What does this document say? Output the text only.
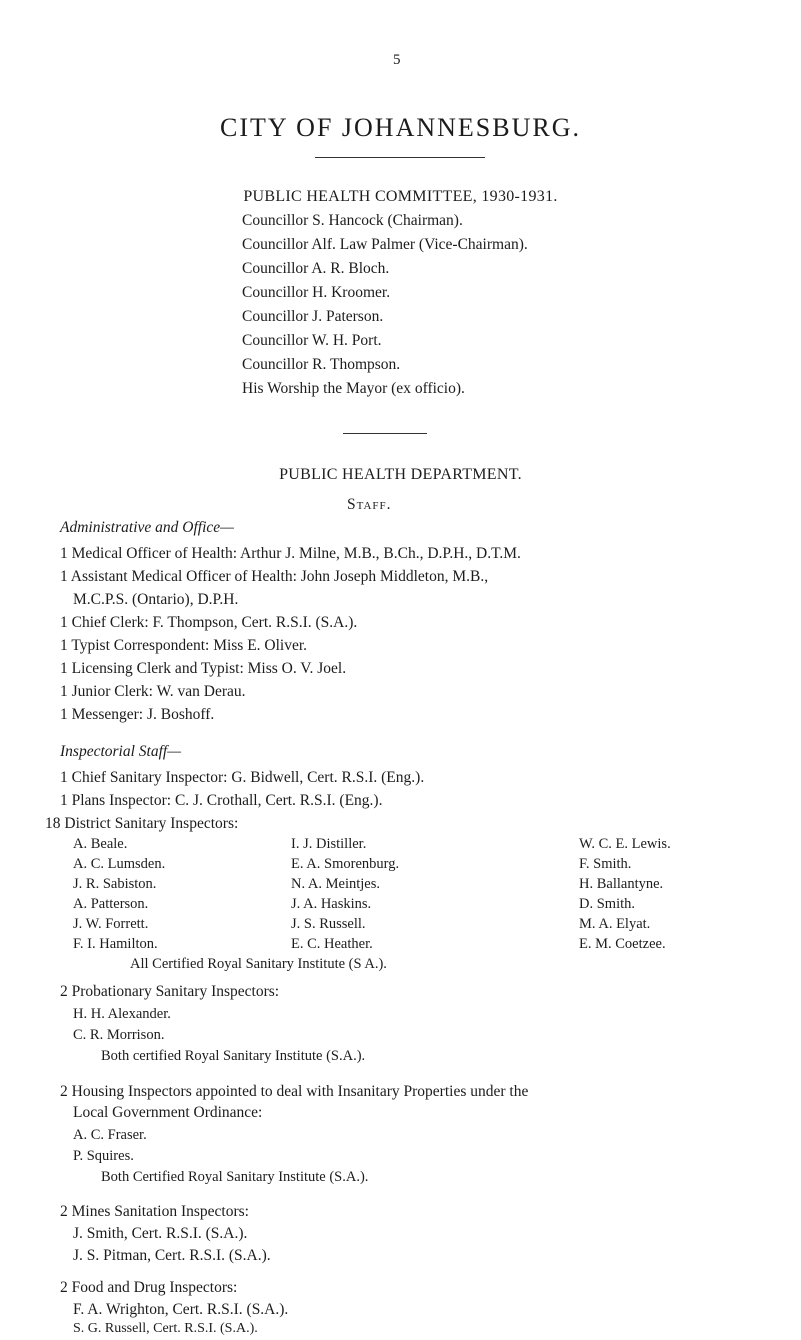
5
CITY OF JOHANNESBURG.
PUBLIC HEALTH COMMITTEE, 1930-1931.
Councillor S. Hancock (Chairman).
Councillor Alf. Law Palmer (Vice-Chairman).
Councillor A. R. Bloch.
Councillor H. Kroomer.
Councillor J. Paterson.
Councillor W. H. Port.
Councillor R. Thompson.
His Worship the Mayor (ex officio).
PUBLIC HEALTH DEPARTMENT.
Staff.
Administrative and Office—
1 Medical Officer of Health: Arthur J. Milne, M.B., B.Ch., D.P.H., D.T.M.
1 Assistant Medical Officer of Health: John Joseph Middleton, M.B.,
M.C.P.S. (Ontario), D.P.H.
1 Chief Clerk: F. Thompson, Cert. R.S.I. (S.A.).
1 Typist Correspondent: Miss E. Oliver.
1 Licensing Clerk and Typist: Miss O. V. Joel.
1 Junior Clerk: W. van Derau.
1 Messenger: J. Boshoff.
Inspectorial Staff—
1 Chief Sanitary Inspector: G. Bidwell, Cert. R.S.I. (Eng.).
1 Plans Inspector: C. J. Crothall, Cert. R.S.I. (Eng.).
18 District Sanitary Inspectors:
A. Beale.
A. C. Lumsden.
J. R. Sabiston.
A. Patterson.
J. W. Forrett.
F. I. Hamilton.
I. J. Distiller.
E. A. Smorenburg.
N. A. Meintjes.
J. A. Haskins.
J. S. Russell.
E. C. Heather.
W. C. E. Lewis.
F. Smith.
H. Ballantyne.
D. Smith.
M. A. Elyat.
E. M. Coetzee.
All Certified Royal Sanitary Institute (S A.).
2 Probationary Sanitary Inspectors:
H. H. Alexander.
C. R. Morrison.
Both certified Royal Sanitary Institute (S.A.).
2 Housing Inspectors appointed to deal with Insanitary Properties under the
Local Government Ordinance:
A. C. Fraser.
P. Squires.
Both Certified Royal Sanitary Institute (S.A.).
2 Mines Sanitation Inspectors:
J. Smith, Cert. R.S.I. (S.A.).
J. S. Pitman, Cert. R.S.I. (S.A.).
2 Food and Drug Inspectors:
F. A. Wrighton, Cert. R.S.I. (S.A.).
S. G. Russell, Cert. R.S.I. (S.A.).
